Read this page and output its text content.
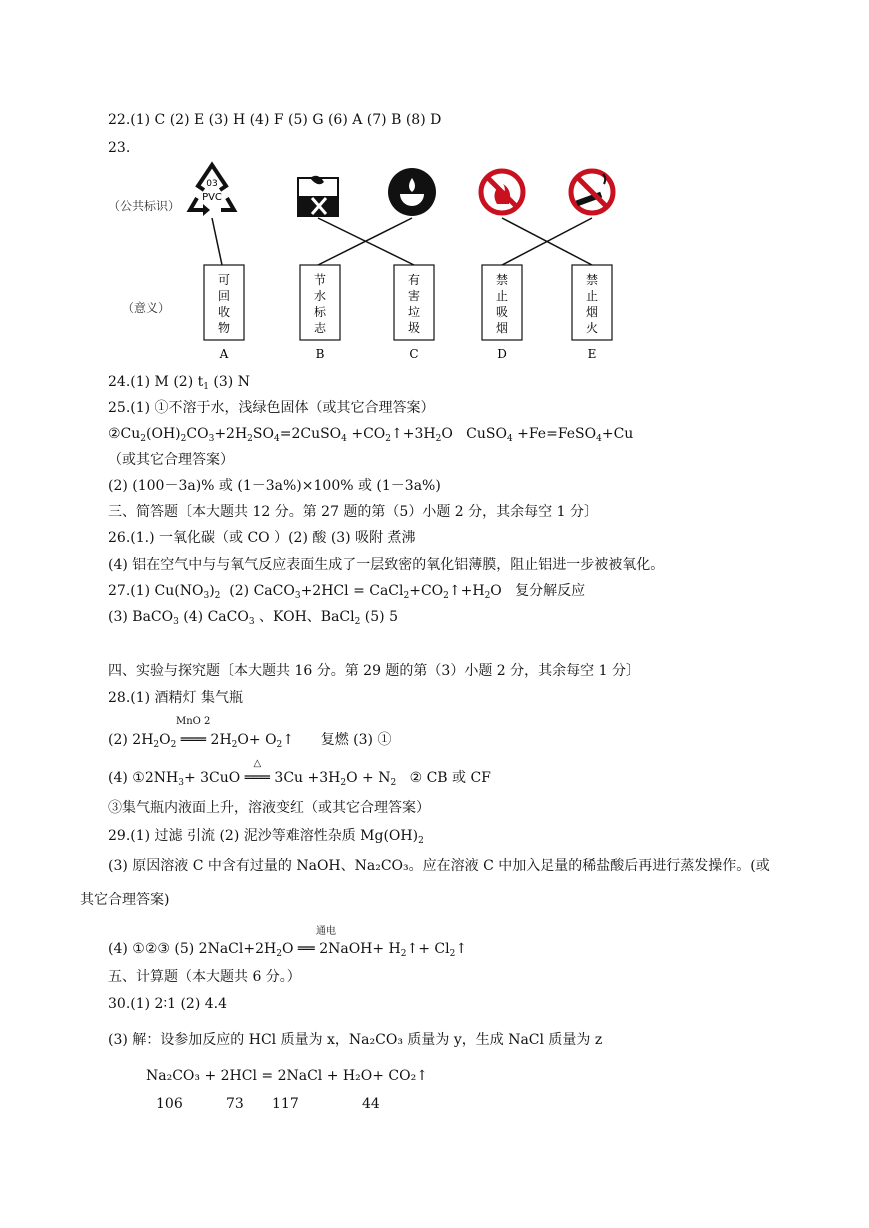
22.(1) C (2) E (3) H (4) F (5) G (6) A (7) B (8) D
23.
（公共标识）
（意义）
03
PVC
可
回
收
物
A
节
水
标
志
B
有
害
垃
圾
C
禁
止
吸
烟
D
禁
止
烟
火
E
24.(1) M (2) $t_1$ (3) N
25.(1) ①不溶于水，浅绿色固体（或其它合理答案）
$②Cu_2(OH)_2CO_3+2H_2SO_4=2CuSO_4$ $+CO_2↑+3H_2O$   CuSO$_4$ +Fe=FeSO$_4$+Cu
（或其它合理答案）
(2) (100－3a)% 或 (1－3a%)×100% 或 (1－3a%)
三、简答题〔本大题共 12 分。第 27 题的第（5）小题 2 分，其余每空 1 分〕
26.(1.) 一氧化碳（或 CO ）(2) 酸 (3) 吸附 煮沸
(4) 铝在空气中与与氧气反应表面生成了一层致密的氧化铝薄膜，阻止铝进一步被被氧化。
27.(1) $Cu(NO_3)_2$  (2) CaCO$_3$+2HCl = $CaCl_2+CO_2↑+H_2O$   复分解反应
(3) BaCO$_3$ (4) CaCO$_3$ 、KOH、BaCl$_2$ (5) 5
四、实验与探究题〔本大题共 16 分。第 29 题的第（3）小题 2 分，其余每空 1 分〕
28.(1) 酒精灯 集气瓶
MnO 2
(2) $2H_2O_2$ ═══ $2H_2O+$ $O_2↑$      复燃 (3) ①
(4) $①2NH_3+ 3CuO$ ═══
△
$3Cu +3H_2O + N_2$ ② CB 或 CF
③集气瓶内液面上升，溶液变红（或其它合理答案）
29.(1) 过滤 引流 (2) 泥沙等难溶性杂质 $Mg(OH)_2$
(3) 原因溶液 C 中含有过量的 NaOH、Na₂CO₃。应在溶液 C 中加入足量的稀盐酸后再进行蒸发操作。(或
其它合理答案)
通电
(4) ①②③ (5) $2NaCl+2H_2O$ ══ 2NaOH+ $H_2↑+$ $Cl_2↑$
五、计算题（本大题共 6 分。）
30.(1) 2∶1 (2) 4.4
(3) 解：设参加反应的 HCl 质量为 x，Na₂CO₃ 质量为 y，生成 NaCl 质量为 z
Na₂CO₃ + 2HCl = 2NaCl + H₂O+ CO₂↑
106	73 117	44
